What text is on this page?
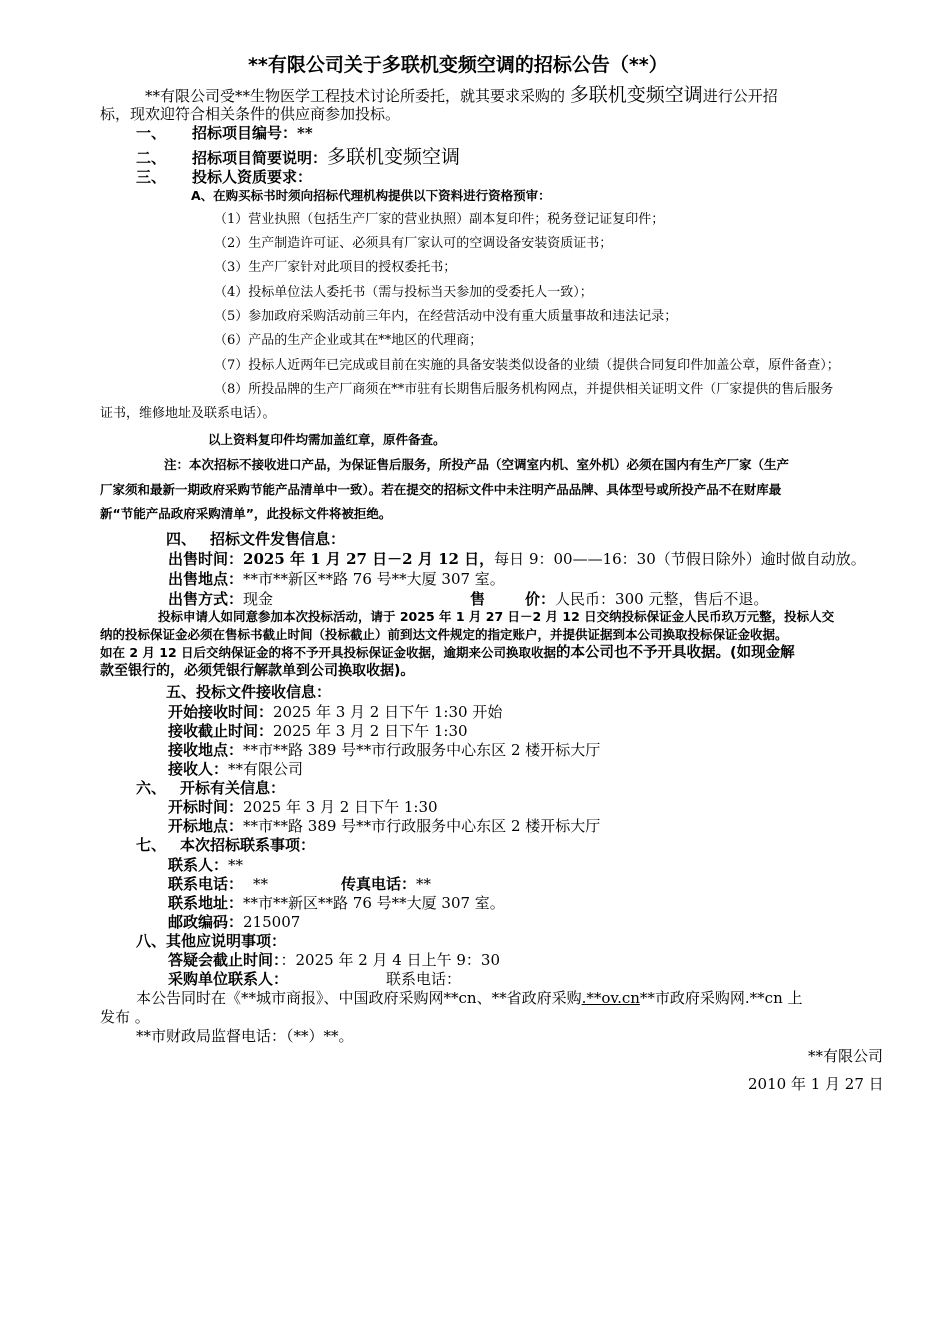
**有限公司关于多联机变频空调的招标公告（**）
**有限公司受**生物医学工程技术讨论所委托，就其要求采购的 多联机变频空调进行公开招
标，现欢迎符合相关条件的供应商参加投标。
一、 招标项目编号：**
二、 招标项目简要说明：多联机变频空调
三、 投标人资质要求：
A、在购买标书时须向招标代理机构提供以下资料进行资格预审：
（1）营业执照（包括生产厂家的营业执照）副本复印件；税务登记证复印件；
（2）生产制造许可证、必须具有厂家认可的空调设备安装资质证书；
（3）生产厂家针对此项目的授权委托书；
（4）投标单位法人委托书（需与投标当天参加的受委托人一致）；
（5）参加政府采购活动前三年内，在经营活动中没有重大质量事故和违法记录；
（6）产品的生产企业或其在**地区的代理商；
（7）投标人近两年已完成或目前在实施的具备安装类似设备的业绩（提供合同复印件加盖公章，原件备查）；
（8）所投品牌的生产厂商须在**市驻有长期售后服务机构网点，并提供相关证明文件（厂家提供的售后服务
证书，维修地址及联系电话）。
以上资料复印件均需加盖红章，原件备查。
注：本次招标不接收进口产品，为保证售后服务，所投产品（空调室内机、室外机）必须在国内有生产厂家（生产
厂家须和最新一期政府采购节能产品清单中一致）。若在提交的招标文件中未注明产品品牌、具体型号或所投产品不在财库最
新“节能产品政府采购清单”，此投标文件将被拒绝。
四、 招标文件发售信息：
出售时间：2025 年 1 月 27 日－2 月 12 日，每日 9：00——16：30（节假日除外）逾时做自动放。
出售地点：**市**新区**路 76 号**大厦 307 室。
出售方式：现金	售	价：人民币：300 元整，售后不退。
投标申请人如同意参加本次投标活动，请于 2025 年 1 月 27 日－2 月 12 日交纳投标保证金人民币玖万元整，投标人交
纳的投标保证金必须在售标书截止时间（投标截止）前到达文件规定的指定账户，并提供证据到本公司换取投标保证金收据。
如在 2 月 12 日后交纳保证金的将不予开具投标保证金收据，逾期来公司换取收据的本公司也不予开具收据。(如现金解
款至银行的，必须凭银行解款单到公司换取收据)。
五、投标文件接收信息：
开始接收时间：2025 年 3 月 2 日下午 1:30 开始
接收截止时间：2025 年 3 月 2 日下午 1:30
接收地点：**市**路 389 号**市行政服务中心东区 2 楼开标大厅
接收人：**有限公司
六、 开标有关信息：
开标时间：2025 年 3 月 2 日下午 1:30
开标地点：**市**路 389 号**市行政服务中心东区 2 楼开标大厅
七、 本次招标联系事项：
联系人：**
联系电话： **	传真电话：**
联系地址：**市**新区**路 76 号**大厦 307 室。
邮政编码：215007
八、其他应说明事项：
答疑会截止时间：：2025 年 2 月 4 日上午 9：30
采购单位联系人：	联系电话：
本公告同时在《**城市商报》、中国政府采购网**cn、**省政府采购.**ov.cn**市政府采购网.**cn 上
发布 。
**市财政局监督电话：（**）**。
**有限公司
2010 年 1 月 27 日
